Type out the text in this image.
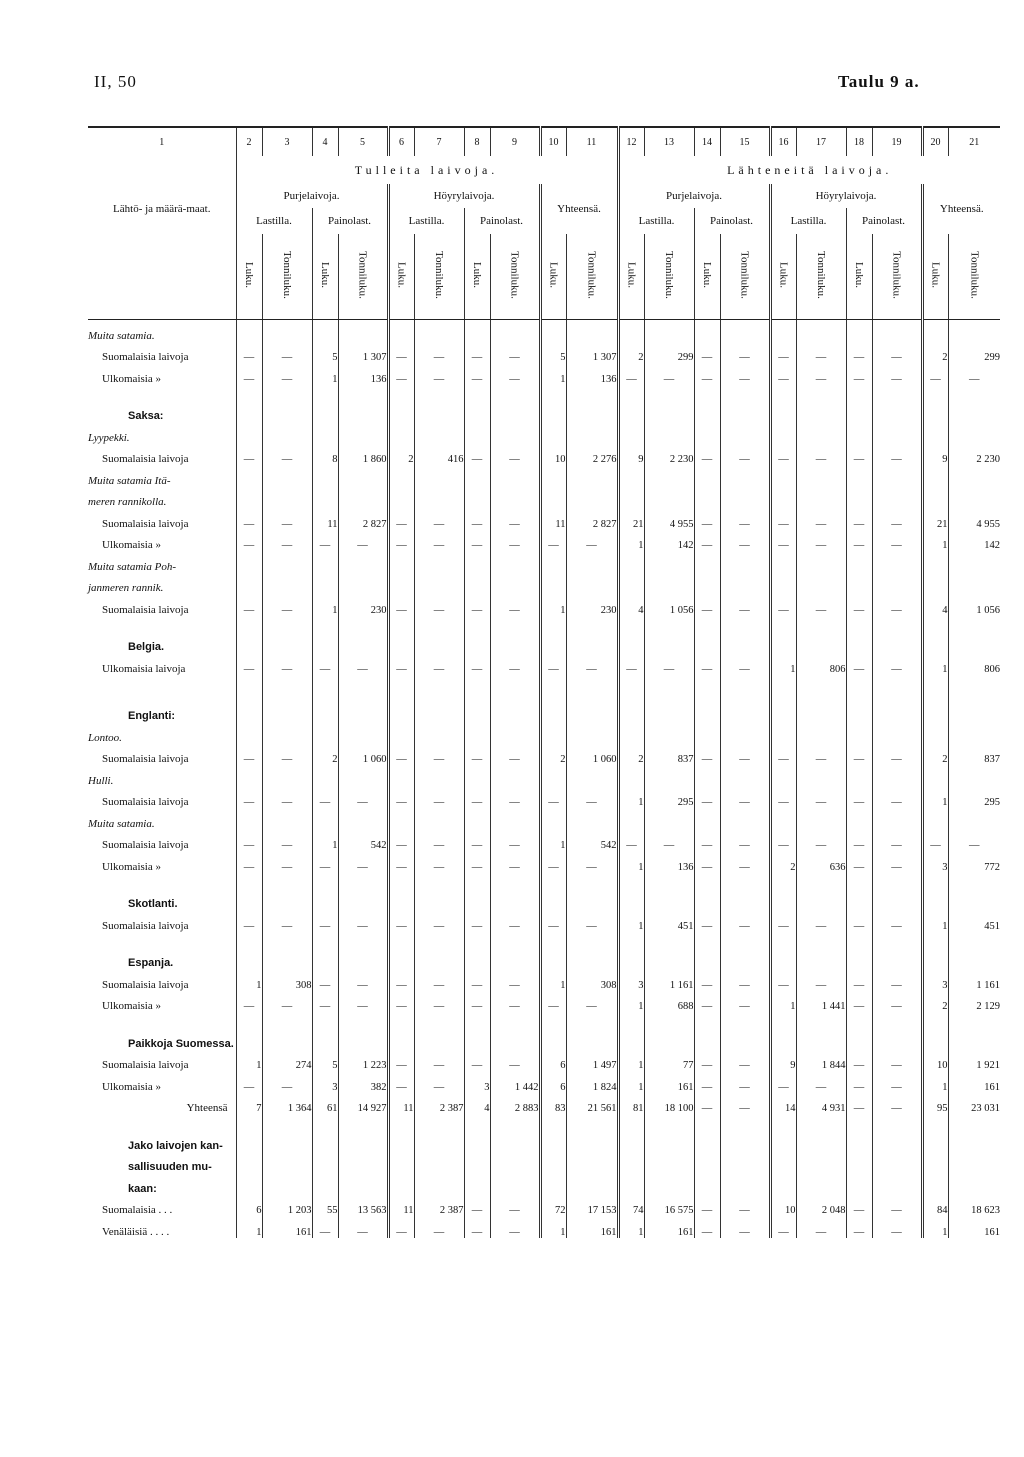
II, 50	Taulu 9 a.
1	2	3	4	5	6	7	8	9	10	11	12	13	14	15	16	17	18	19	20	21
	Tulleita laivoja.										Lähteneitä laivoja.									
Lähtö- ja määrä-maat.	Purjelaivoja.				Höyrylaivoja.				Yhteensä.		Purjelaivoja.				Höyrylaivoja.				Yhteensä.	
	Lastilla.		Painolast.		Lastilla.		Painolast.				Lastilla.		Painolast.		Lastilla.		Painolast.			
	Luku.	Tonniluku.	Luku.	Tonniluku.	Luku.	Tonniluku.	Luku.	Tonniluku.	Luku.	Tonniluku.	Luku.	Tonniluku.	Luku.	Tonniluku.	Luku.	Tonniluku.	Luku.	Tonniluku.	Luku.	Tonniluku.
Muita satamia.																				
Suomalaisia laivoja	—	—	5	1 307	—	—	—	—	5	1 307	2	299	—	—	—	—	—	—	2	299
Ulkomaisia »	—	—	1	136	—	—	—	—	1	136	—	—	—	—	—	—	—	—	—	—

Saksa:																				
Lyypekki.																				
Suomalaisia laivoja	—	—	8	1 860	2	416	—	—	10	2 276	9	2 230	—	—	—	—	—	—	9	2 230
Muita satamia Itä-																				
meren rannikolla.																				
Suomalaisia laivoja	—	—	11	2 827	—	—	—	—	11	2 827	21	4 955	—	—	—	—	—	—	21	4 955
Ulkomaisia »	—	—	—	—	—	—	—	—	—	—	1	142	—	—	—	—	—	—	1	142
Muita satamia Poh-																				
janmeren rannik.																				
Suomalaisia laivoja	—	—	1	230	—	—	—	—	1	230	4	1 056	—	—	—	—	—	—	4	1 056

Belgia.																				
Ulkomaisia laivoja	—	—	—	—	—	—	—	—	—	—	—	—	—	—	1	806	—	—	1	806

Englanti:																				
Lontoo.																				
Suomalaisia laivoja	—	—	2	1 060	—	—	—	—	2	1 060	2	837	—	—	—	—	—	—	2	837
Hulli.																				
Suomalaisia laivoja	—	—	—	—	—	—	—	—	—	—	1	295	—	—	—	—	—	—	1	295
Muita satamia.																				
Suomalaisia laivoja	—	—	1	542	—	—	—	—	1	542	—	—	—	—	—	—	—	—	—	—
Ulkomaisia »	—	—	—	—	—	—	—	—	—	—	1	136	—	—	2	636	—	—	3	772

Skotlanti.																				
Suomalaisia laivoja	—	—	—	—	—	—	—	—	—	—	1	451	—	—	—	—	—	—	1	451

Espanja.																				
Suomalaisia laivoja	1	308	—	—	—	—	—	—	1	308	3	1 161	—	—	—	—	—	—	3	1 161
Ulkomaisia »	—	—	—	—	—	—	—	—	—	—	1	688	—	—	1	1 441	—	—	2	2 129

Paikkoja Suomessa.																				
Suomalaisia laivoja	1	274	5	1 223	—	—	—	—	6	1 497	1	77	—	—	9	1 844	—	—	10	1 921
Ulkomaisia »	—	—	3	382	—	—	3	1 442	6	1 824	1	161	—	—	—	—	—	—	1	161
Yhteensä	7	1 364	61	14 927	11	2 387	4	2 883	83	21 561	81	18 100	—	—	14	4 931	—	—	95	23 031

Jako laivojen kan-																				
sallisuuden mu-																				
kaan:																				
Suomalaisia . . .	6	1 203	55	13 563	11	2 387	—	—	72	17 153	74	16 575	—	—	10	2 048	—	—	84	18 623
Venäläisiä . . . .	1	161	—	—	—	—	—	—	1	161	1	161	—	—	—	—	—	—	1	161
